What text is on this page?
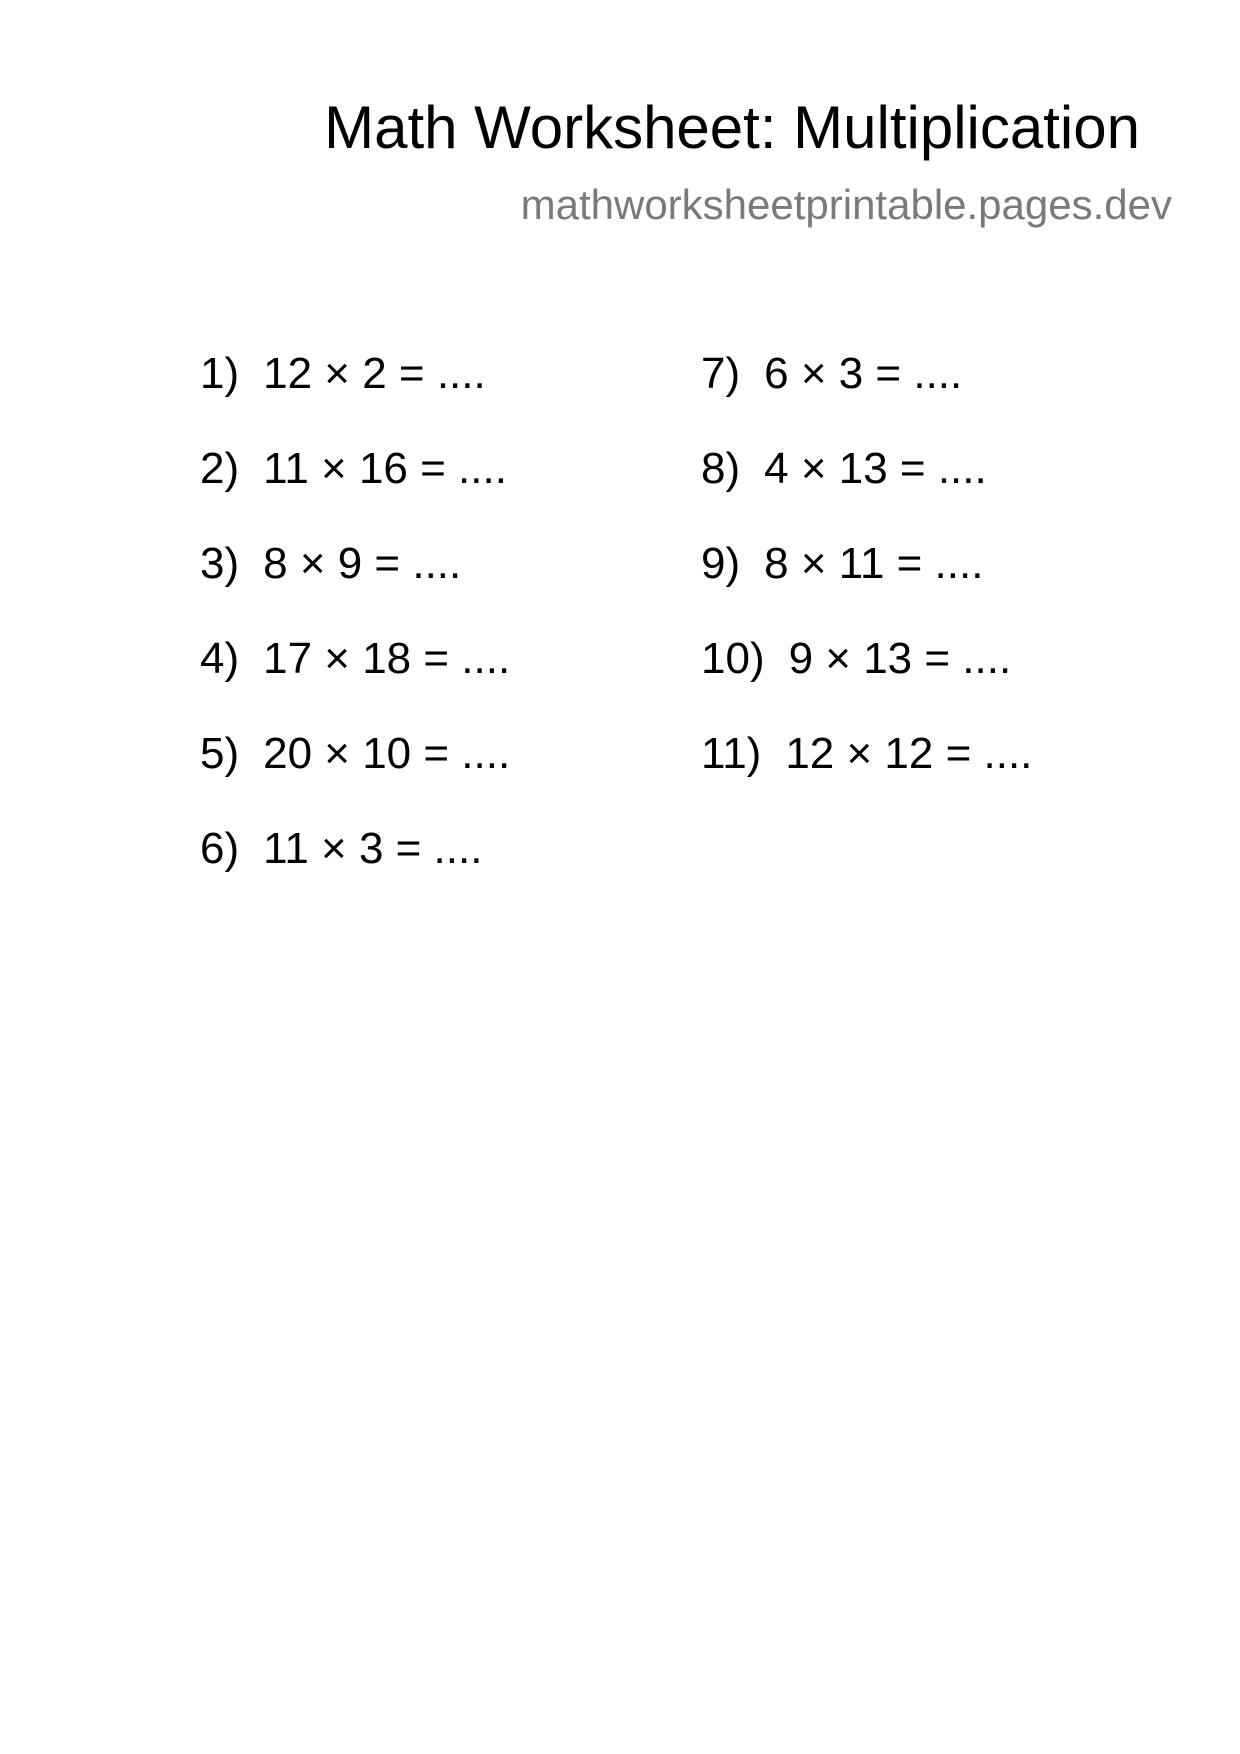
Math Worksheet: Multiplication
mathworksheetprintable.pages.dev
1) 12 × 2 = ....
2) 11 × 16 = ....
3) 8 × 9 = ....
4) 17 × 18 = ....
5) 20 × 10 = ....
6) 11 × 3 = ....
7) 6 × 3 = ....
8) 4 × 13 = ....
9) 8 × 11 = ....
10) 9 × 13 = ....
11) 12 × 12 = ....
